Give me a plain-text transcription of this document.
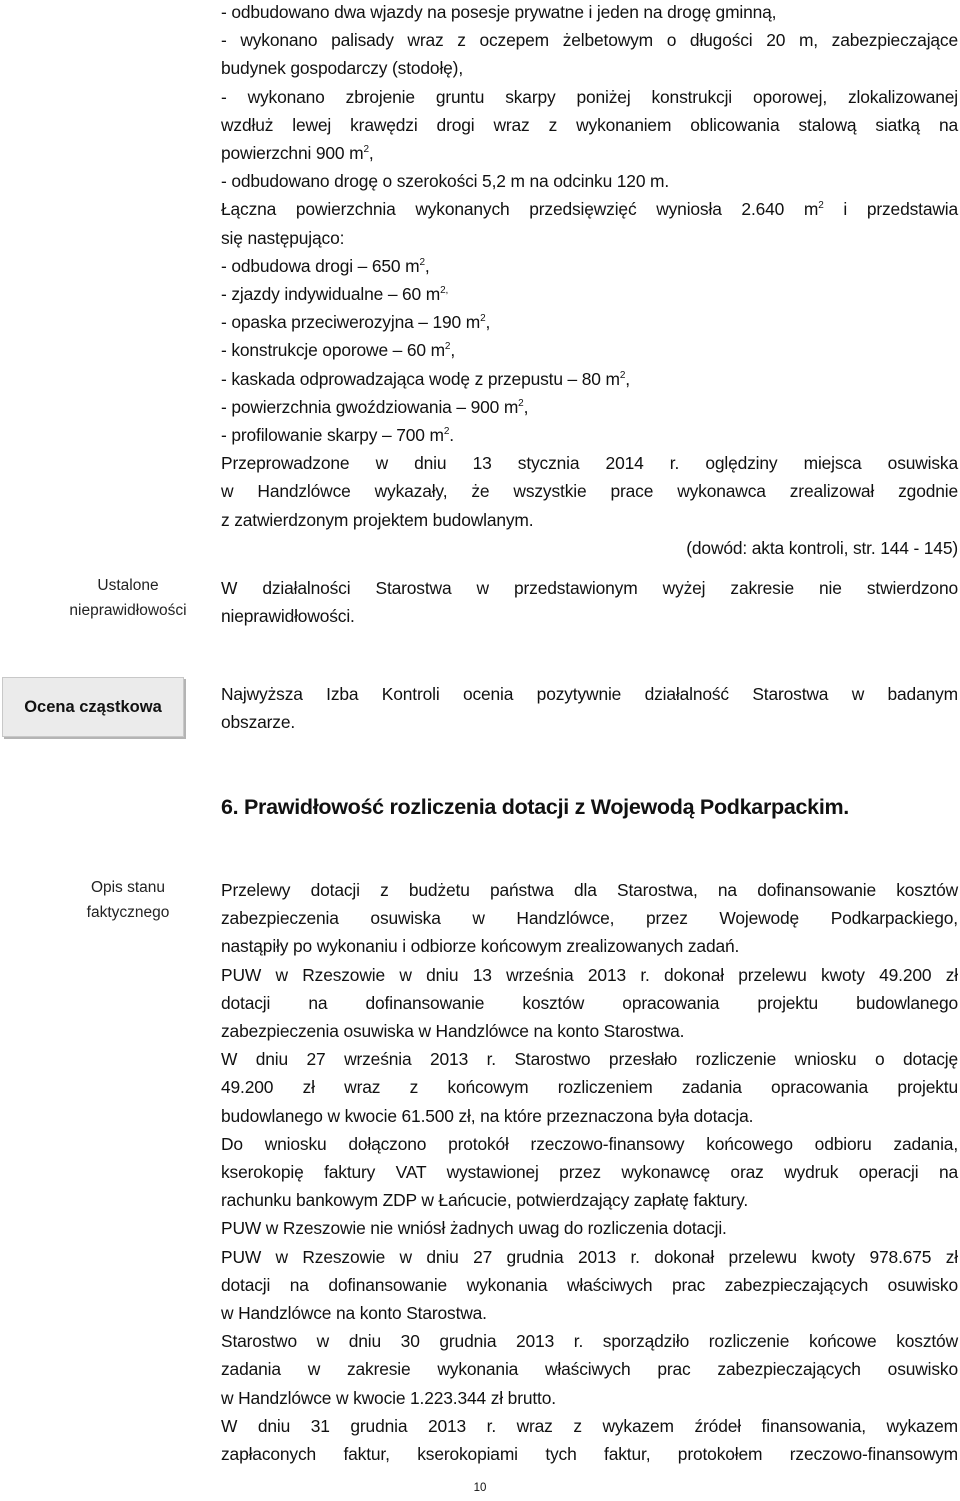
- odbudowano dwa wjazdy na posesje prywatne i jeden na drogę gminną,

- wykonano palisady wraz z oczepem żelbetowym o długości 20 m, zabezpieczające

budynek gospodarczy (stodołę),

- wykonano zbrojenie gruntu skarpy poniżej konstrukcji oporowej, zlokalizowanej

wzdłuż lewej krawędzi drogi wraz z wykonaniem oblicowania stalową siatką na

powierzchni 900 $m^2$,

- odbudowano drogę o szerokości 5,2 m na odcinku 120 m.

Łączna powierzchnia wykonanych przedsięwzięć wyniosła 2.640 $m^2$ i przedstawia

się następująco:

- odbudowa drogi – 650 $m^2$,

- zjazdy indywidualne – 60 $m^{2,}$

- opaska przeciwerozyjna – 190 $m^2$,

- konstrukcje oporowe – 60 $m^2$,

- kaskada odprowadzająca wodę z przepustu – 80 $m^2$,

- powierzchnia gwoździowania – 900 $m^2$,

- profilowanie skarpy – 700 $m^2$.

Przeprowadzone w dniu 13 stycznia 2014 r. oględziny miejsca osuwiska

w Handzlówce wykazały, że wszystkie prace wykonawca zrealizował zgodnie

z zatwierdzonym projektem budowlanym.

(dowód: akta kontroli, str. 144 - 145)

Ustalone
nieprawidłowości

W działalności Starostwa w przedstawionym wyżej zakresie nie stwierdzono

nieprawidłowości.

Ocena cząstkowa

Najwyższa Izba Kontroli ocenia pozytywnie działalność Starostwa w badanym

obszarze.

6. Prawidłowość rozliczenia dotacji z Wojewodą Podkarpackim.
Opis stanu
faktycznego

Przelewy dotacji z budżetu państwa dla Starostwa, na dofinansowanie kosztów

zabezpieczenia osuwiska w Handzlówce, przez Wojewodę Podkarpackiego,

nastąpiły po wykonaniu i odbiorze końcowym zrealizowanych zadań.

PUW w Rzeszowie w dniu 13 września 2013 r. dokonał przelewu kwoty 49.200 zł

dotacji na dofinansowanie kosztów opracowania projektu budowlanego

zabezpieczenia osuwiska w Handzlówce na konto Starostwa.

W dniu 27 września 2013 r. Starostwo przesłało rozliczenie wniosku o dotację

49.200 zł wraz z końcowym rozliczeniem zadania opracowania projektu

budowlanego w kwocie 61.500 zł, na które przeznaczona była dotacja.

Do wniosku dołączono protokół rzeczowo-finansowy końcowego odbioru zadania,

kserokopię faktury VAT wystawionej przez wykonawcę oraz wydruk operacji na

rachunku bankowym ZDP w Łańcucie, potwierdzający zapłatę faktury.

PUW w Rzeszowie nie wniósł żadnych uwag do rozliczenia dotacji.

PUW w Rzeszowie w dniu 27 grudnia 2013 r. dokonał przelewu kwoty 978.675 zł

dotacji na dofinansowanie wykonania właściwych prac zabezpieczających osuwisko

w Handzlówce na konto Starostwa.

Starostwo w dniu 30 grudnia 2013 r. sporządziło rozliczenie końcowe kosztów

zadania w zakresie wykonania właściwych prac zabezpieczających osuwisko

w Handzlówce w kwocie 1.223.344 zł brutto.

W dniu 31 grudnia 2013 r. wraz z wykazem źródeł finansowania, wykazem

zapłaconych faktur, kserokopiami tych faktur, protokołem rzeczowo-finansowym

10
